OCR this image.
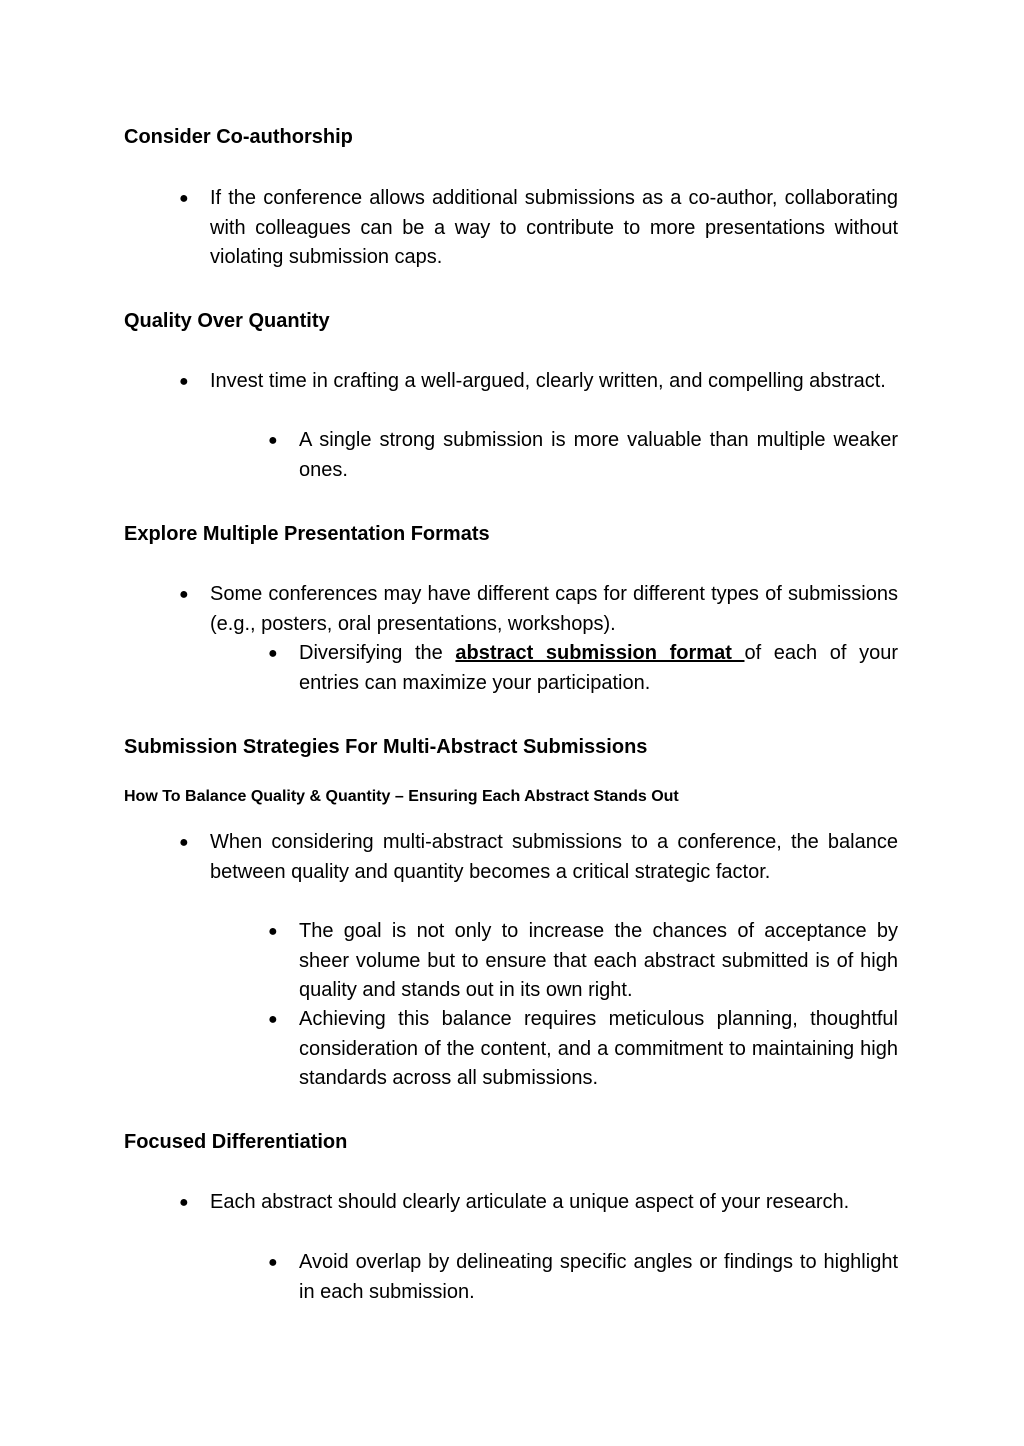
Consider Co-authorship

● If the conference allows additional submissions as a co-author, collaborating with colleagues can be a way to contribute to more presentations without violating submission caps.

Quality Over Quantity

● Invest time in crafting a well-argued, clearly written, and compelling abstract.

● A single strong submission is more valuable than multiple weaker ones.

Explore Multiple Presentation Formats

● Some conferences may have different caps for different types of submissions (e.g., posters, oral presentations, workshops).

● Diversifying the abstract submission format of each of your entries can maximize your participation.

Submission Strategies For Multi-Abstract Submissions
How To Balance Quality & Quantity – Ensuring Each Abstract Stands Out

● When considering multi-abstract submissions to a conference, the balance between quality and quantity becomes a critical strategic factor.

● The goal is not only to increase the chances of acceptance by sheer volume but to ensure that each abstract submitted is of high quality and stands out in its own right.

● Achieving this balance requires meticulous planning, thoughtful consideration of the content, and a commitment to maintaining high standards across all submissions.

Focused Differentiation

● Each abstract should clearly articulate a unique aspect of your research.

● Avoid overlap by delineating specific angles or findings to highlight in each submission.
